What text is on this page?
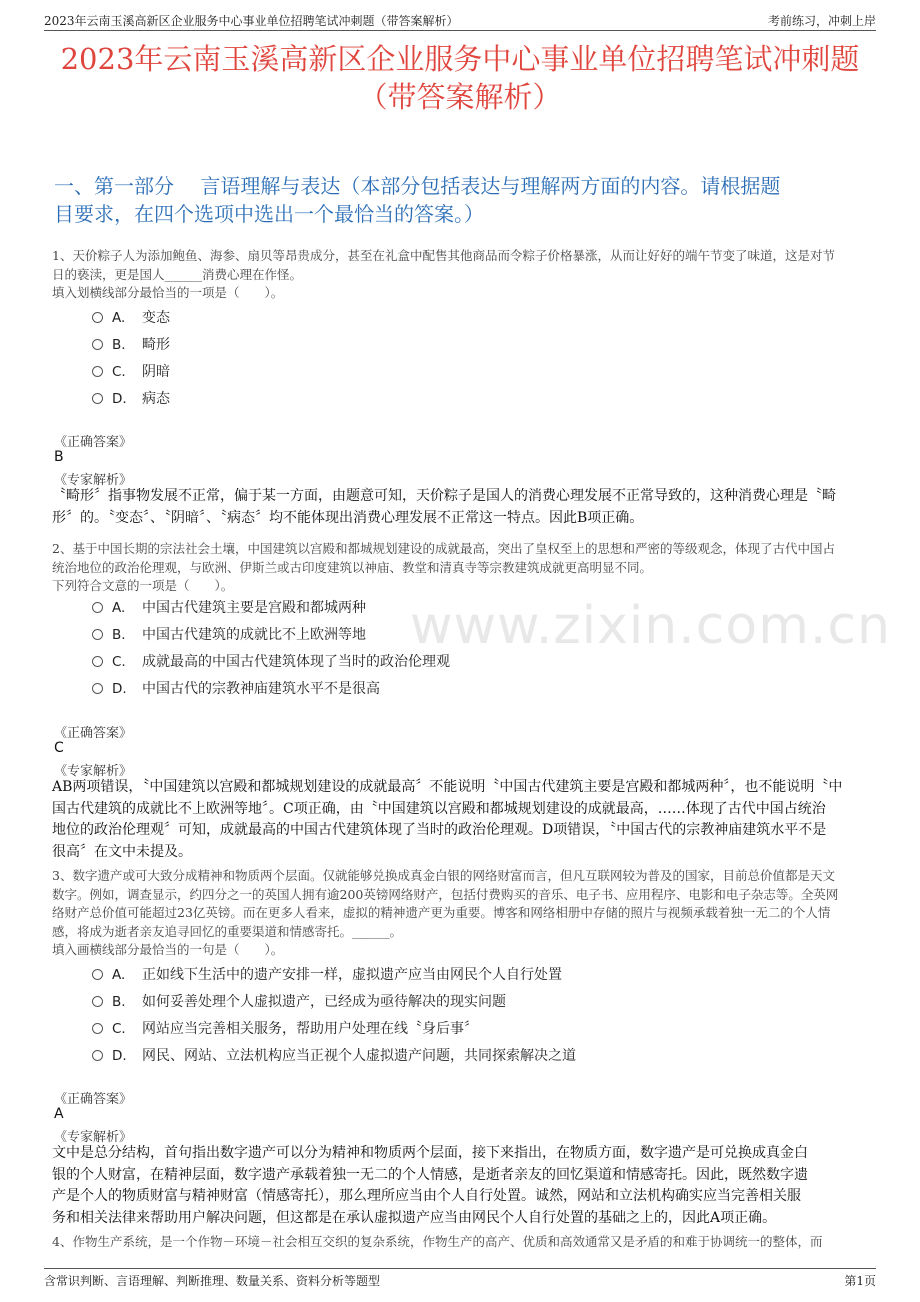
2023年云南玉溪高新区企业服务中心事业单位招聘笔试冲刺题（带答案解析）	考前练习，冲刺上岸
2023年云南玉溪高新区企业服务中心事业单位招聘笔试冲刺题
（带答案解析）
www.zixin.com.cn
一、第一部分　 言语理解与表达（本部分包括表达与理解两方面的内容。请根据题
目要求，在四个选项中选出一个最恰当的答案。）

1、天价粽子人为添加鲍鱼、海参、扇贝等昂贵成分，甚至在礼盒中配售其他商品而令粽子价格暴涨，从而让好好的端午节变了味道，这是对节

日的亵渎，更是国人______消费心理在作怪。

填入划横线部分最恰当的一项是（　　）。

A. 变态
B. 畸形
C. 阴暗
D. 病态
《正确答案》
B
《专家解析》
〝畸形〞指事物发展不正常，偏于某一方面，由题意可知，天价粽子是国人的消费心理发展不正常导致的，这种消费心理是〝畸
形〞的。〝变态〞、〝阴暗〞、〝病态〞均不能体现出消费心理发展不正常这一特点。因此B项正确。

2、基于中国长期的宗法社会土壤，中国建筑以宫殿和都城规划建设的成就最高，突出了皇权至上的思想和严密的等级观念，体现了古代中国占

统治地位的政治伦理观，与欧洲、伊斯兰或古印度建筑以神庙、教堂和清真寺等宗教建筑成就更高明显不同。

下列符合文意的一项是（　　）。

A. 中国古代建筑主要是宫殿和都城两种
B. 中国古代建筑的成就比不上欧洲等地
C. 成就最高的中国古代建筑体现了当时的政治伦理观
D. 中国古代的宗教神庙建筑水平不是很高
《正确答案》
C
《专家解析》
AB两项错误，〝中国建筑以宫殿和都城规划建设的成就最高〞不能说明〝中国古代建筑主要是宫殿和都城两种〞，也不能说明〝中
国古代建筑的成就比不上欧洲等地〞。C项正确，由〝中国建筑以宫殿和都城规划建设的成就最高，……体现了古代中国占统治
地位的政治伦理观〞可知，成就最高的中国古代建筑体现了当时的政治伦理观。D项错误，〝中国古代的宗教神庙建筑水平不是
很高〞在文中未提及。

3、数字遗产或可大致分成精神和物质两个层面。仅就能够兑换成真金白银的网络财富而言，但凡互联网较为普及的国家，目前总价值都是天文

数字。例如，调查显示，约四分之一的英国人拥有逾200英镑网络财产，包括付费购买的音乐、电子书、应用程序、电影和电子杂志等。全英网

络财产总价值可能超过23亿英镑。而在更多人看来，虚拟的精神遗产更为重要。博客和网络相册中存储的照片与视频承载着独一无二的个人情

感，将成为逝者亲友追寻回忆的重要渠道和情感寄托。______。

填入画横线部分最恰当的一句是（　　）。

A. 正如线下生活中的遗产安排一样，虚拟遗产应当由网民个人自行处置
B. 如何妥善处理个人虚拟遗产，已经成为亟待解决的现实问题
C. 网站应当完善相关服务，帮助用户处理在线〝身后事〞
D. 网民、网站、立法机构应当正视个人虚拟遗产问题，共同探索解决之道
《正确答案》
A
《专家解析》
文中是总分结构，首句指出数字遗产可以分为精神和物质两个层面，接下来指出，在物质方面，数字遗产是可兑换成真金白
银的个人财富，在精神层面，数字遗产承载着独一无二的个人情感，是逝者亲友的回忆渠道和情感寄托。因此，既然数字遗
产是个人的物质财富与精神财富（情感寄托），那么理所应当由个人自行处置。诚然，网站和立法机构确实应当完善相关服
务和相关法律来帮助用户解决问题，但这都是在承认虚拟遗产应当由网民个人自行处置的基础之上的，因此A项正确。

4、作物生产系统，是一个作物－环境－社会相互交织的复杂系统，作物生产的高产、优质和高效通常又是矛盾的和难于协调统一的整体，而

含常识判断、言语理解、判断推理、数量关系、资料分析等题型	第1页
